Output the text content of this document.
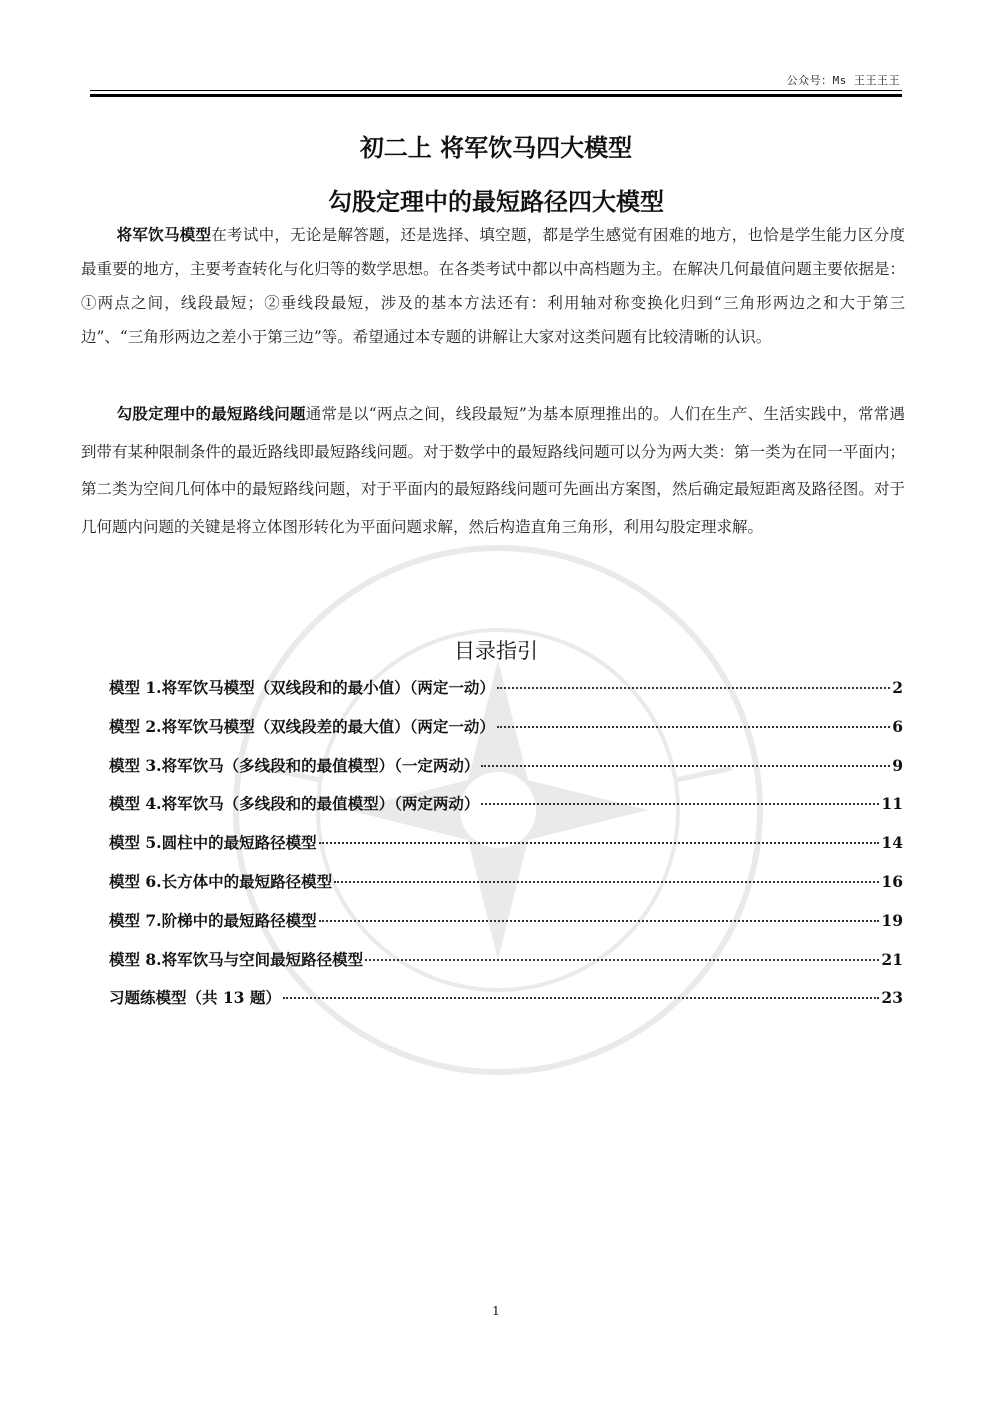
公众号：Ms 王王王王
初二上 将军饮马四大模型
勾股定理中的最短路径四大模型
将军饮马模型在考试中，无论是解答题，还是选择、填空题，都是学生感觉有困难的地方，也恰是学生能力区分度最重要的地方，主要考查转化与化归等的数学思想。在各类考试中都以中高档题为主。在解决几何最值问题主要依据是：①两点之间，线段最短；②垂线段最短，涉及的基本方法还有：利用轴对称变换化归到“三角形两边之和大于第三边”、“三角形两边之差小于第三边”等。希望通过本专题的讲解让大家对这类问题有比较清晰的认识。
勾股定理中的最短路线问题通常是以“两点之间，线段最短”为基本原理推出的。人们在生产、生活实践中，常常遇到带有某种限制条件的最近路线即最短路线问题。对于数学中的最短路线问题可以分为两大类：第一类为在同一平面内；第二类为空间几何体中的最短路线问题，对于平面内的最短路线问题可先画出方案图，然后确定最短距离及路径图。对于几何题内问题的关键是将立体图形转化为平面问题求解，然后构造直角三角形，利用勾股定理求解。
目录指引
模型 1.将军饮马模型（双线段和的最小值）（两定一动）	2
模型 2.将军饮马模型（双线段差的最大值）（两定一动）	6
模型 3.将军饮马（多线段和的最值模型）（一定两动）	9
模型 4.将军饮马（多线段和的最值模型）（两定两动）	11
模型 5.圆柱中的最短路径模型	14
模型 6.长方体中的最短路径模型	16
模型 7.阶梯中的最短路径模型	19
模型 8.将军饮马与空间最短路径模型	21
习题练模型（共 13 题）	23
1
